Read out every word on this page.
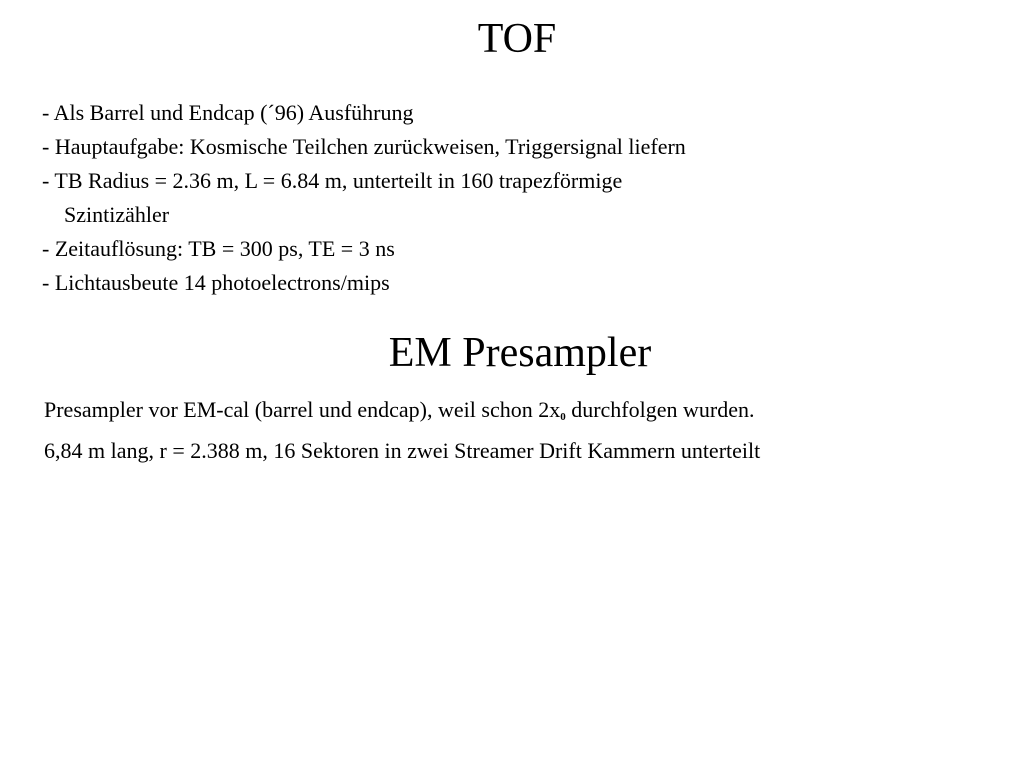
TOF
- Als Barrel und Endcap (´96) Ausführung
- Hauptaufgabe: Kosmische Teilchen zurückweisen, Triggersignal liefern
- TB Radius = 2.36 m, L = 6.84 m, unterteilt in 160 trapezförmige
Szintizähler
- Zeitauflösung: TB = 300 ps, TE = 3 ns
- Lichtausbeute 14 photoelectrons/mips
EM Presampler
Presampler vor EM-cal (barrel und endcap), weil schon $2x_0$ durchfolgen wurden.
6,84 m lang, r = 2.388 m, 16 Sektoren in zwei Streamer Drift Kammern unterteilt
